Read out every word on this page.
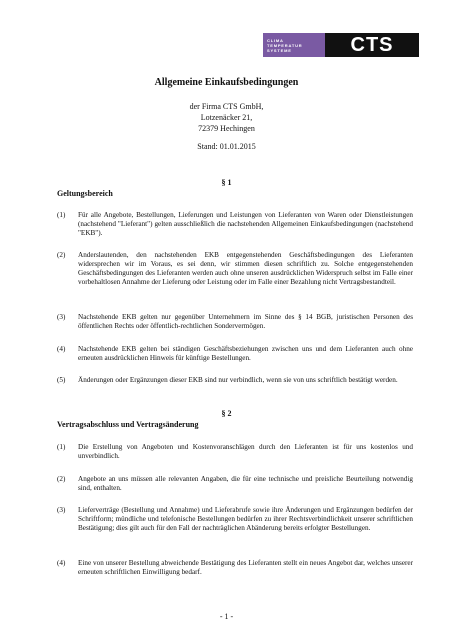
CLIMA
TEMPERATUR
SYSTEME	CTS
Allgemeine Einkaufsbedingungen
der Firma CTS GmbH,
Lotzenäcker 21,
72379 Hechingen
Stand: 01.01.2015
§ 1
Geltungsbereich
(1) Für alle Angebote, Bestellungen, Lieferungen und Leistungen von Lieferanten von Waren oder Dienstleistungen (nachstehend "Lieferant") gelten ausschließlich die nachstehenden Allgemeinen Einkaufsbedingungen (nachstehend "EKB").
(2) Anderslautenden, den nachstehenden EKB entgegenstehenden Geschäftsbedingungen des Lieferanten widersprechen wir im Voraus, es sei denn, wir stimmen diesen schriftlich zu. Solche entgegenstehenden Geschäftsbedingungen des Lieferanten werden auch ohne unseren ausdrücklichen Widerspruch selbst im Falle einer vorbehaltlosen Annahme der Lieferung oder Leistung oder im Falle einer Bezahlung nicht Vertragsbestandteil.
(3) Nachstehende EKB gelten nur gegenüber Unternehmern im Sinne des § 14 BGB, juristischen Personen des öffentlichen Rechts oder öffentlich-rechtlichen Sondervermögen.
(4) Nachstehende EKB gelten bei ständigen Geschäftsbeziehungen zwischen uns und dem Lieferanten auch ohne erneuten ausdrücklichen Hinweis für künftige Bestellungen.
(5) Änderungen oder Ergänzungen dieser EKB sind nur verbindlich, wenn sie von uns schriftlich bestätigt werden.
§ 2
Vertragsabschluss und Vertragsänderung
(1) Die Erstellung von Angeboten und Kostenvoranschlägen durch den Lieferanten ist für uns kostenlos und unverbindlich.
(2) Angebote an uns müssen alle relevanten Angaben, die für eine technische und preisliche Beurteilung notwendig sind, enthalten.
(3) Lieferverträge (Bestellung und Annahme) und Lieferabrufe sowie ihre Änderungen und Ergänzungen bedürfen der Schriftform; mündliche und telefonische Bestellungen bedürfen zu ihrer Rechtsverbindlichkeit unserer schriftlichen Bestätigung; dies gilt auch für den Fall der nachträglichen Abänderung bereits erfolgter Bestellungen.
(4) Eine von unserer Bestellung abweichende Bestätigung des Lieferanten stellt ein neues Angebot dar, welches unserer erneuten schriftlichen Einwilligung bedarf.
- 1 -
